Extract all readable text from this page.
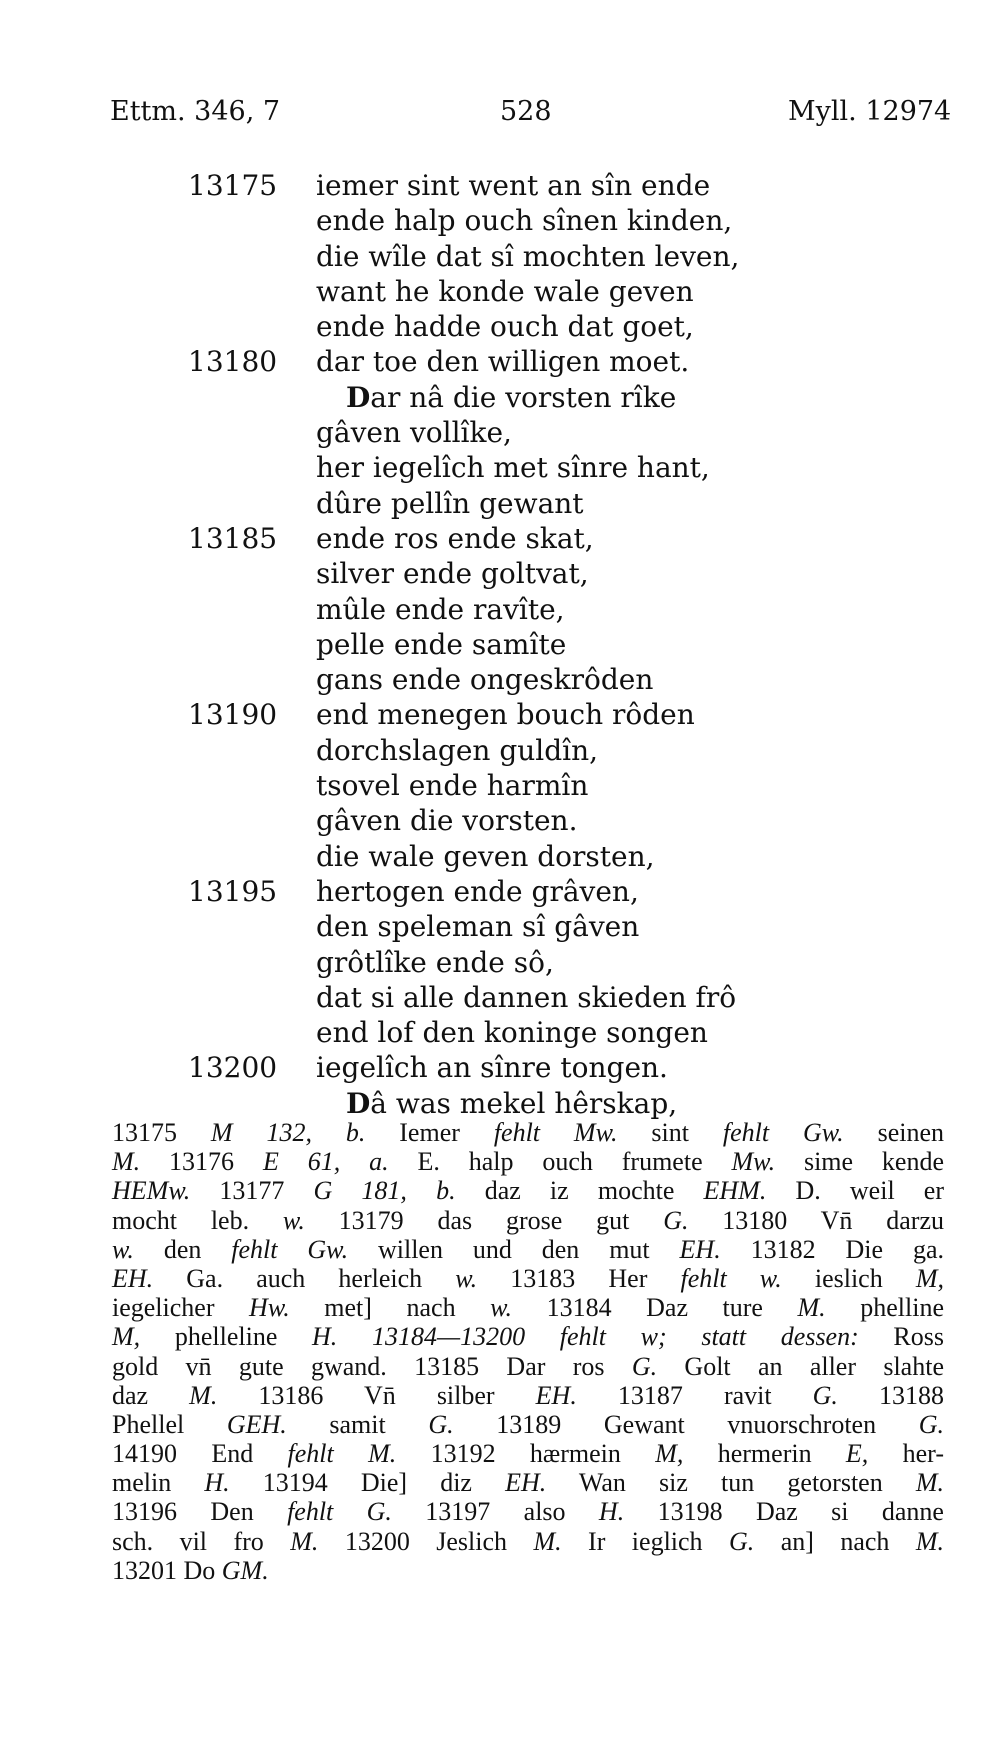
Ettm. 346, 7	528	Myll. 12974
13175	iemer sint went an sîn ende
ende halp ouch sînen kinden,
die wîle dat sî mochten leven,
want he konde wale geven
ende hadde ouch dat goet,
13180	dar toe den willigen moet.
Dar nâ die vorsten rîke
gâven vollîke,
her iegelîch met sînre hant,
dûre pellîn gewant
13185	ende ros ende skat,
silver ende goltvat,
mûle ende ravîte,
pelle ende samîte
gans ende ongeskrôden
13190	end menegen bouch rôden
dorchslagen guldîn,
tsovel ende harmîn
gâven die vorsten.
die wale geven dorsten,
13195	hertogen ende grâven,
den speleman sî gâven
grôtlîke ende sô,
dat si alle dannen skieden frô
end lof den koninge songen
13200	iegelîch an sînre tongen.
Dâ was mekel hêrskap,
13175 M 132, b. Iemer fehlt Mw. sint fehlt Gw. seinen
M. 13176 E 61, a. E. halp ouch frumete Mw. sime kende
HEMw. 13177 G 181, b. daz iz mochte EHM. D. weil er
mocht leb. w. 13179 das grose gut G. 13180 Vn̄ darzu
w. den fehlt Gw. willen und den mut EH. 13182 Die ga.
EH. Ga. auch herleich w. 13183 Her fehlt w. ieslich M,
iegelicher Hw. met] nach w. 13184 Daz ture M. phelline
M, phelleline H. 13184—13200 fehlt w; statt dessen: Ross
gold vn̄ gute gwand. 13185 Dar ros G. Golt an aller slahte
daz M. 13186 Vn̄ silber EH. 13187 ravit G. 13188
Phellel GEH. samit G. 13189 Gewant vnuorschroten G.
14190 End fehlt M. 13192 hærmein M, hermerin E, her-
melin H. 13194 Die] diz EH. Wan siz tun getorsten M.
13196 Den fehlt G. 13197 also H. 13198 Daz si danne
sch. vil fro M. 13200 Jeslich M. Ir ieglich G. an] nach M.
13201 Do GM.
